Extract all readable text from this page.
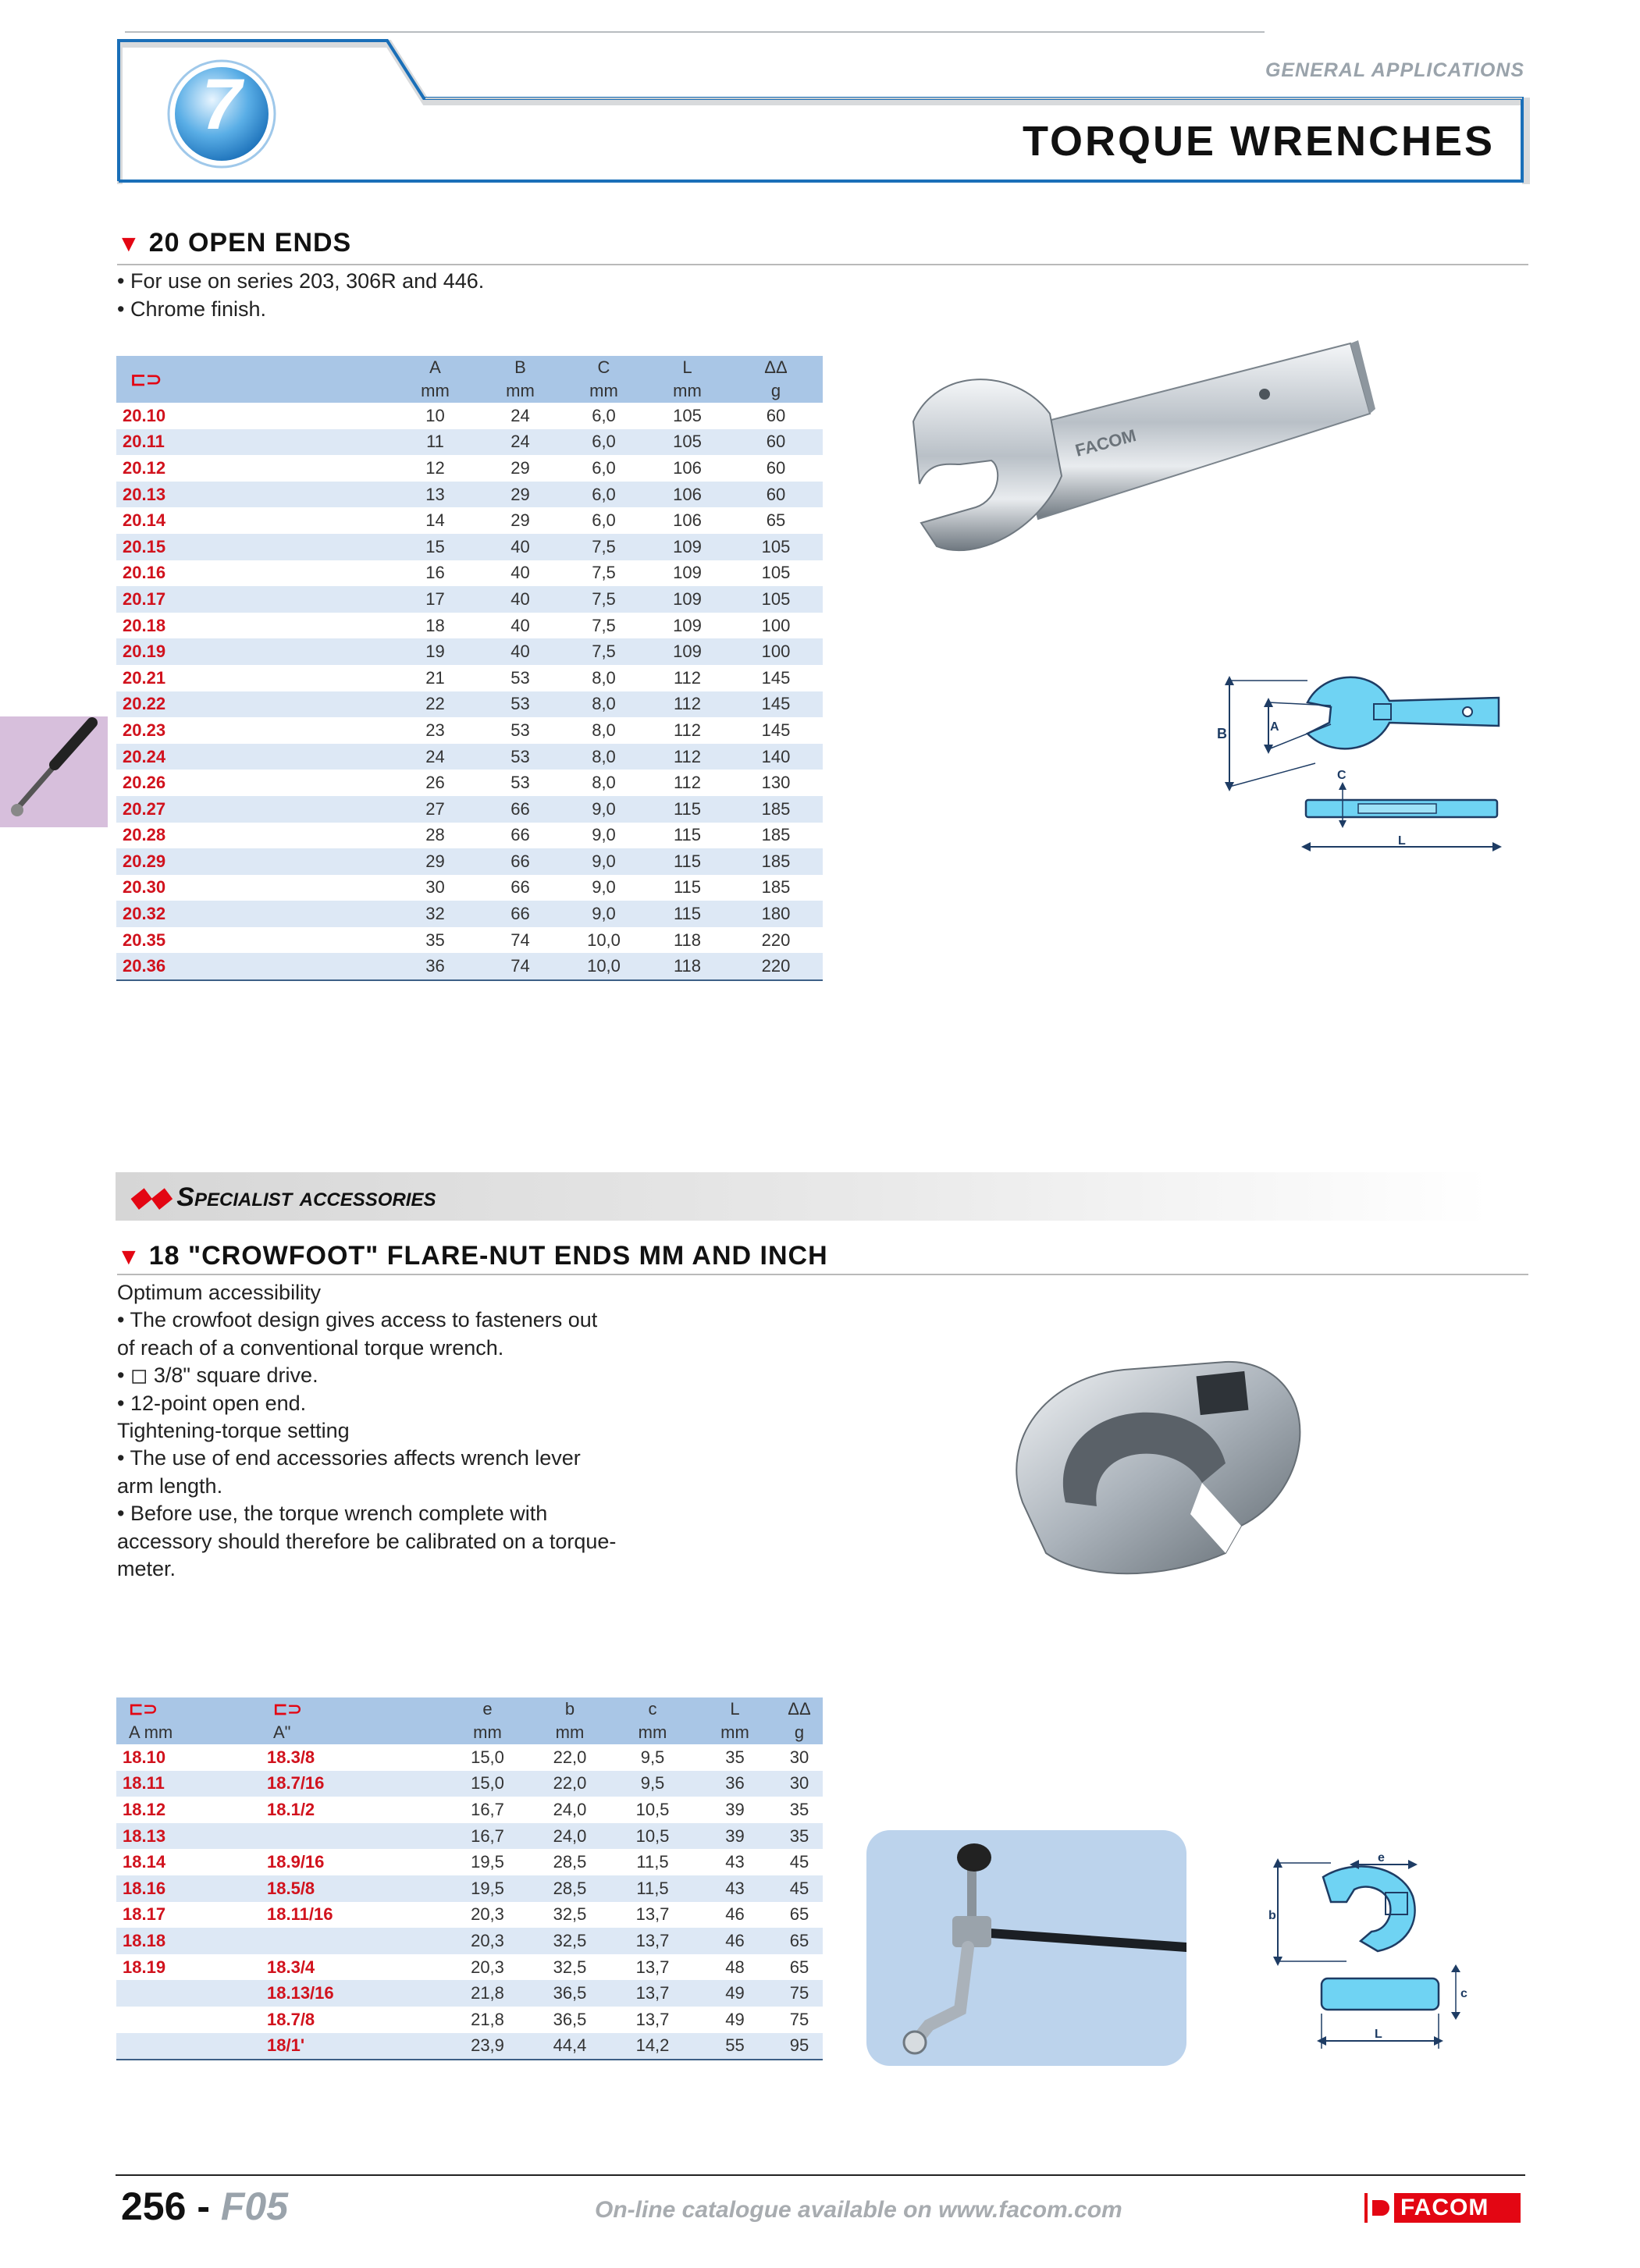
7	GENERAL APPLICATIONS
TORQUE WRENCHES
▼ 20 OPEN ENDS
• For use on series 203, 306R and 446.
• Chrome finish.
⊏⊃	A	B	C	L	ΔΔ
	mm	mm	mm	mm	g
20.10	10	24	6,0	105	60
20.11	11	24	6,0	105	60
20.12	12	29	6,0	106	60
20.13	13	29	6,0	106	60
20.14	14	29	6,0	106	65
20.15	15	40	7,5	109	105
20.16	16	40	7,5	109	105
20.17	17	40	7,5	109	105
20.18	18	40	7,5	109	100
20.19	19	40	7,5	109	100
20.21	21	53	8,0	112	145
20.22	22	53	8,0	112	145
20.23	23	53	8,0	112	145
20.24	24	53	8,0	112	140
20.26	26	53	8,0	112	130
20.27	27	66	9,0	115	185
20.28	28	66	9,0	115	185
20.29	29	66	9,0	115	185
20.30	30	66	9,0	115	185
20.32	32	66	9,0	115	180
20.35	35	74	10,0	118	220
20.36	36	74	10,0	118	220
FACOM
B	A
C
L
◆◆ Specialist accessories
▼ 18 "CROWFOOT" FLARE-NUT ENDS MM AND INCH
Optimum accessibility
• The crowfoot design gives access to fasteners out
of reach of a conventional torque wrench.
• ◻ 3/8" square drive.
• 12-point open end.
Tightening-torque setting
• The use of end accessories affects wrench lever
arm length.
• Before use, the torque wrench complete with
accessory should therefore be calibrated on a torque-
meter.
⊏⊃	⊏⊃	e	b	c	L	ΔΔ
A mm	A"	mm	mm	mm	mm	g
18.10	18.3/8	15,0	22,0	9,5	35	30
18.11	18.7/16	15,0	22,0	9,5	36	30
18.12	18.1/2	16,7	24,0	10,5	39	35
18.13		16,7	24,0	10,5	39	35
18.14	18.9/16	19,5	28,5	11,5	43	45
18.16	18.5/8	19,5	28,5	11,5	43	45
18.17	18.11/16	20,3	32,5	13,7	46	65
18.18		20,3	32,5	13,7	46	65
18.19	18.3/4	20,3	32,5	13,7	48	65
	18.13/16	21,8	36,5	13,7	49	75
	18.7/8	21,8	36,5	13,7	49	75
	18/1'	23,9	44,4	14,2	55	95
b
e
c
L
256 - F05	On-line catalogue available on www.facom.com	FACOM
